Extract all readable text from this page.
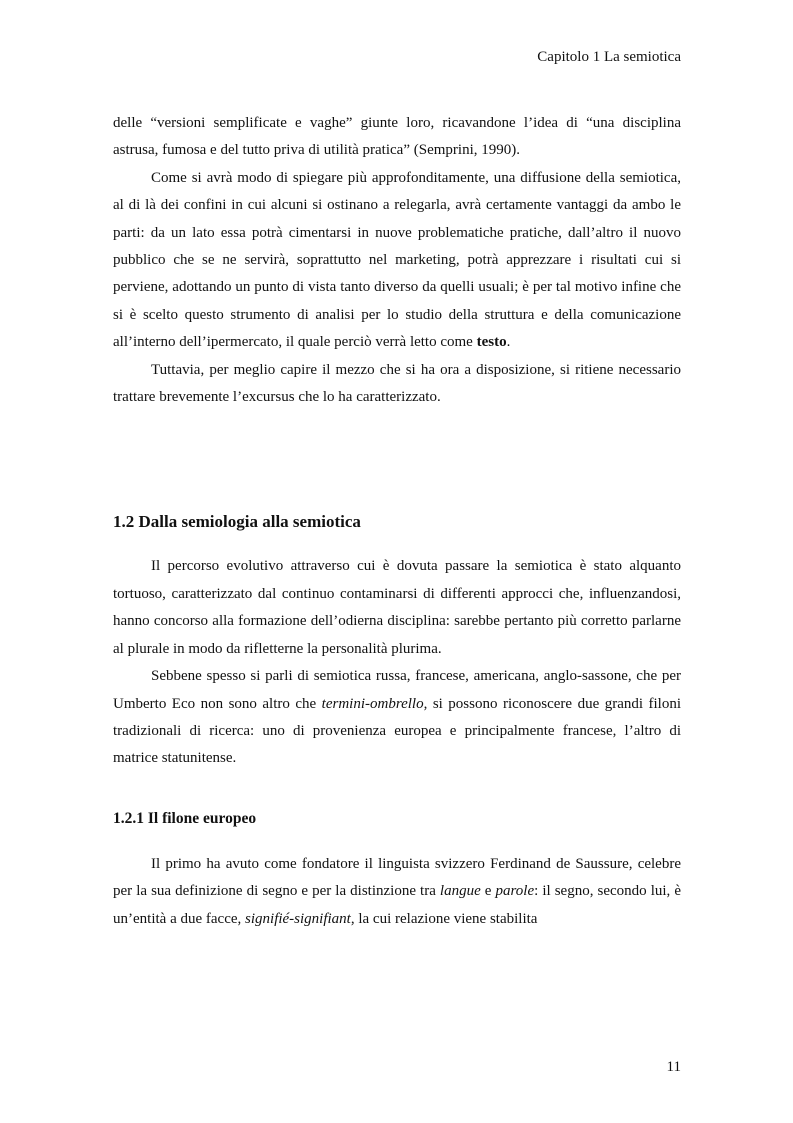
Capitolo 1 La semiotica

delle “versioni semplificate e vaghe” giunte loro, ricavandone l’idea di “una disciplina astrusa, fumosa e del tutto priva di utilità pratica” (Semprini, 1990).

Come si avrà modo di spiegare più approfonditamente, una diffusione della semiotica, al di là dei confini in cui alcuni si ostinano a relegarla, avrà certamente vantaggi da ambo le parti: da un lato essa potrà cimentarsi in nuove problematiche pratiche, dall’altro il nuovo pubblico che se ne servirà, soprattutto nel marketing, potrà apprezzare i risultati cui si perviene, adottando un punto di vista tanto diverso da quelli usuali; è per tal motivo infine che si è scelto questo strumento di analisi per lo studio della struttura e della comunicazione all’interno dell’ipermercato, il quale perciò verrà letto come testo.

Tuttavia, per meglio capire il mezzo che si ha ora a disposizione, si ritiene necessario trattare brevemente l’excursus che lo ha caratterizzato.

1.2 Dalla semiologia alla semiotica

Il percorso evolutivo attraverso cui è dovuta passare la semiotica è stato alquanto tortuoso, caratterizzato dal continuo contaminarsi di differenti approcci che, influenzandosi, hanno concorso alla formazione dell’odierna disciplina: sarebbe pertanto più corretto parlarne al plurale in modo da rifletterne la personalità plurima.

Sebbene spesso si parli di semiotica russa, francese, americana, anglo-sassone, che per Umberto Eco non sono altro che termini-ombrello, si possono riconoscere due grandi filoni tradizionali di ricerca: uno di provenienza europea e principalmente francese, l’altro di matrice statunitense.

1.2.1 Il filone europeo

Il primo ha avuto come fondatore il linguista svizzero Ferdinand de Saussure, celebre per la sua definizione di segno e per la distinzione tra langue e parole: il segno, secondo lui, è un’entità a due facce, signifié-signifiant, la cui relazione viene stabilita

11
